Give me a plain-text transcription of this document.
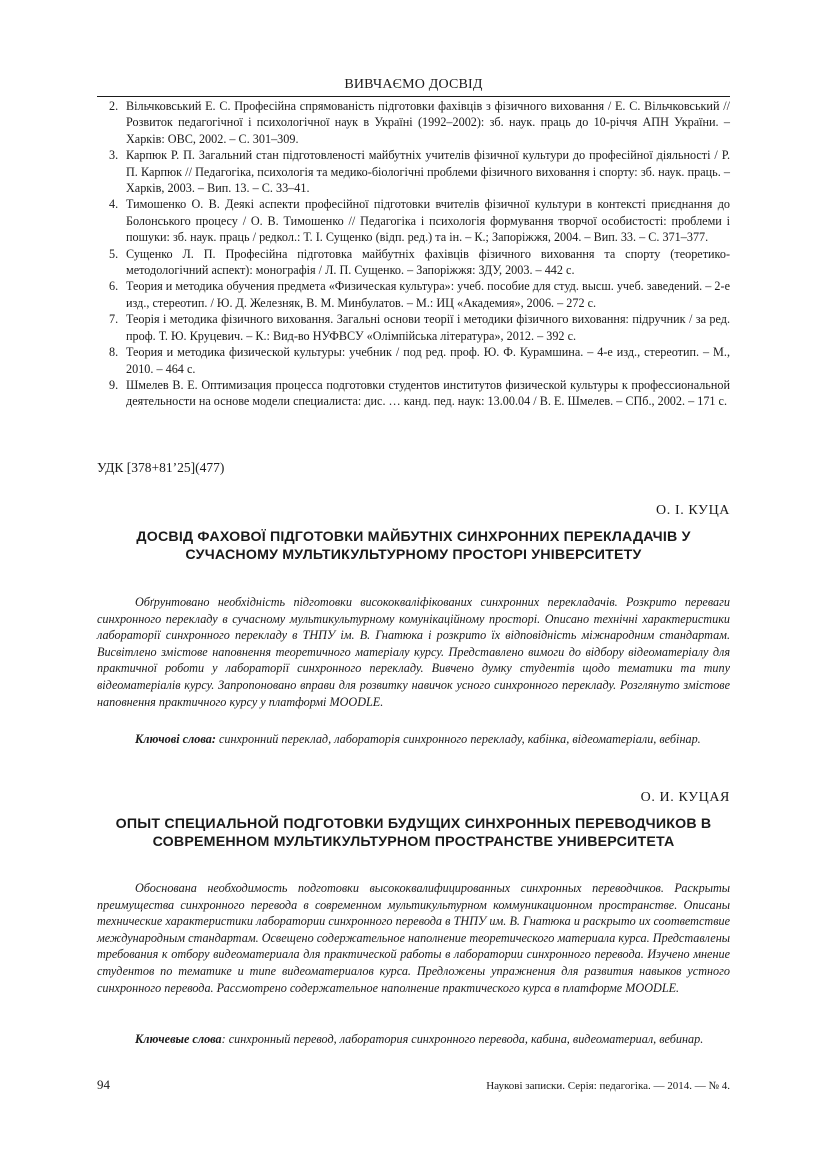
ВИВЧАЄМО ДОСВІД
2. Вільчковський Е. С. Професійна спрямованість підготовки фахівців з фізичного виховання / Е. С. Вільчковський // Розвиток педагогічної і психологічної наук в Україні (1992–2002): зб. наук. праць до 10-річчя АПН України. – Харків: ОВС, 2002. – С. 301–309.
3. Карпюк Р. П. Загальний стан підготовленості майбутніх учителів фізичної культури до професійної діяльності / Р. П. Карпюк // Педагогіка, психологія та медико-біологічні проблеми фізичного виховання і спорту: зб. наук. праць. – Харків, 2003. – Вип. 13. – С. 33–41.
4. Тимошенко О. В. Деякі аспекти професійної підготовки вчителів фізичної культури в контексті приєднання до Болонського процесу / О. В. Тимошенко // Педагогіка і психологія формування творчої особистості: проблеми і пошуки: зб. наук. праць / редкол.: Т. І. Сущенко (відп. ред.) та ін. – К.; Запоріжжя, 2004. – Вип. 33. – С. 371–377.
5. Сущенко Л. П. Професійна підготовка майбутніх фахівців фізичного виховання та спорту (теоретико-методологічний аспект): монографія / Л. П. Сущенко. – Запоріжжя: ЗДУ, 2003. – 442 с.
6. Теория и методика обучения предмета «Физическая культура»: учеб. пособие для студ. высш. учеб. заведений. – 2-е изд., стереотип. / Ю. Д. Железняк, В. М. Минбулатов. – М.: ИЦ «Академия», 2006. – 272 с.
7. Теорія і методика фізичного виховання. Загальні основи теорії і методики фізичного виховання: підручник / за ред. проф. Т. Ю. Круцевич. – К.: Вид-во НУФВСУ «Олімпійська література», 2012. – 392 с.
8. Теория и методика физической культуры: учебник / под ред. проф. Ю. Ф. Курамшина. – 4-е изд., стереотип. – М., 2010. – 464 с.
9. Шмелев В. Е. Оптимизация процесса подготовки студентов институтов физической культуры к профессиональной деятельности на основе модели специалиста: дис. … канд. пед. наук: 13.00.04 / В. Е. Шмелев. – СПб., 2002. – 171 с.
УДК [378+81’25](477)
О. І. КУЦА
ДОСВІД ФАХОВОЇ ПІДГОТОВКИ МАЙБУТНІХ СИНХРОННИХ ПЕРЕКЛАДАЧІВ У СУЧАСНОМУ МУЛЬТИКУЛЬТУРНОМУ ПРОСТОРІ УНІВЕРСИТЕТУ

Обґрунтовано необхідність підготовки висококваліфікованих синхронних перекладачів. Розкрито переваги синхронного перекладу в сучасному мультикультурному комунікаційному просторі. Описано технічні характеристики лабораторії синхронного перекладу в ТНПУ ім. В. Гнатюка і розкрито їх відповідність міжнародним стандартам. Висвітлено змістове наповнення теоретичного матеріалу курсу. Представлено вимоги до відбору відеоматеріалу для практичної роботи у лабораторії синхронного перекладу. Вивчено думку студентів щодо тематики та типу відеоматеріалів курсу. Запропоновано вправи для розвитку навичок усного синхронного перекладу. Розглянуто змістове наповнення практичного курсу у платформі MOODLE.

Ключові слова: синхронний переклад, лабораторія синхронного перекладу, кабінка, відеоматеріали, вебінар.

О. И. КУЦАЯ
ОПЫТ СПЕЦИАЛЬНОЙ ПОДГОТОВКИ БУДУЩИХ СИНХРОННЫХ ПЕРЕВОДЧИКОВ В СОВРЕМЕННОМ МУЛЬТИКУЛЬТУРНОМ ПРОСТРАНСТВЕ УНИВЕРСИТЕТА

Обоснована необходимость подготовки высококвалифицированных синхронных переводчиков. Раскрыты преимущества синхронного перевода в современном мультикультурном коммуникационном пространстве. Описаны технические характеристики лаборатории синхронного перевода в ТНПУ им. В. Гнатюка и раскрыто их соответствие международным стандартам. Освещено содержательное наполнение теоретического материала курса. Представлены требования к отбору видеоматериала для практической работы в лаборатории синхронного перевода. Изучено мнение студентов по тематике и типе видеоматериалов курса. Предложены упражнения для развития навыков устного синхронного перевода. Рассмотрено содержательное наполнение практического курса в платформе MOODLE.

Ключевые слова: синхронный перевод, лаборатория синхронного перевода, кабина, видеоматериал, вебинар.

94	Наукові записки. Серія: педагогіка. — 2014. — № 4.
